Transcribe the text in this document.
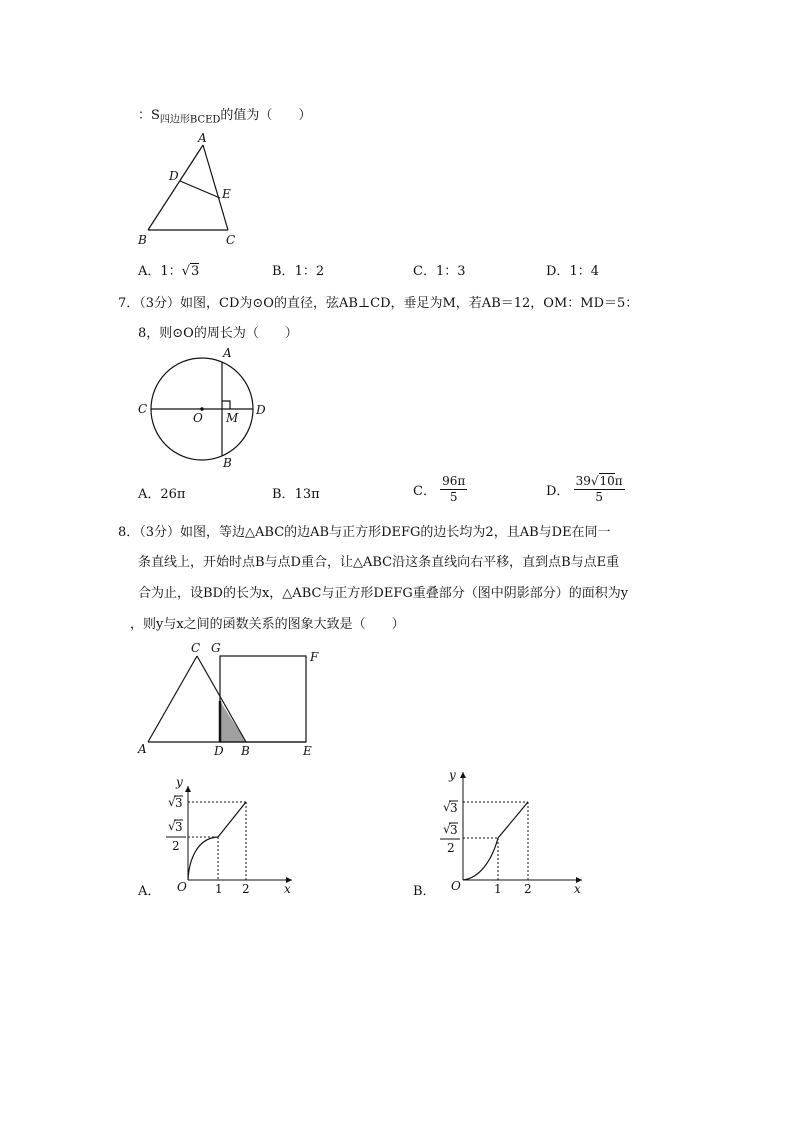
：$S_{四边形BCED}$的值为（　　）
A
D
E
B	C
A．1：√3	B．1：2	C．1：3	D．1：4
7．（3分）如图，CD为⊙O的直径，弦AB⊥CD，垂足为M，若AB＝12，OM：MD＝5：
8，则⊙O的周长为（　　）
A
C
O M
D
B
A．26π	B．13π	C． $\frac{96\pi}{5}$	D． $\frac{39√10\pi}{5}$
8．（3分）如图，等边△ABC的边AB与正方形DEFG的边长均为2，且AB与DE在同一
条直线上，开始时点B与点D重合，让△ABC沿这条直线向右平移，直到点B与点E重
合为止，设BD的长为x，△ABC与正方形DEFG重叠部分（图中阴影部分）的面积为y
，则y与x之间的函数关系的图象大致是（　　）
C G
F
A	D B	E
A．
y
x
O 1 2
√ 3
√ 3
2
B．
y
x
O	1 2
√ 3
√ 3
2
